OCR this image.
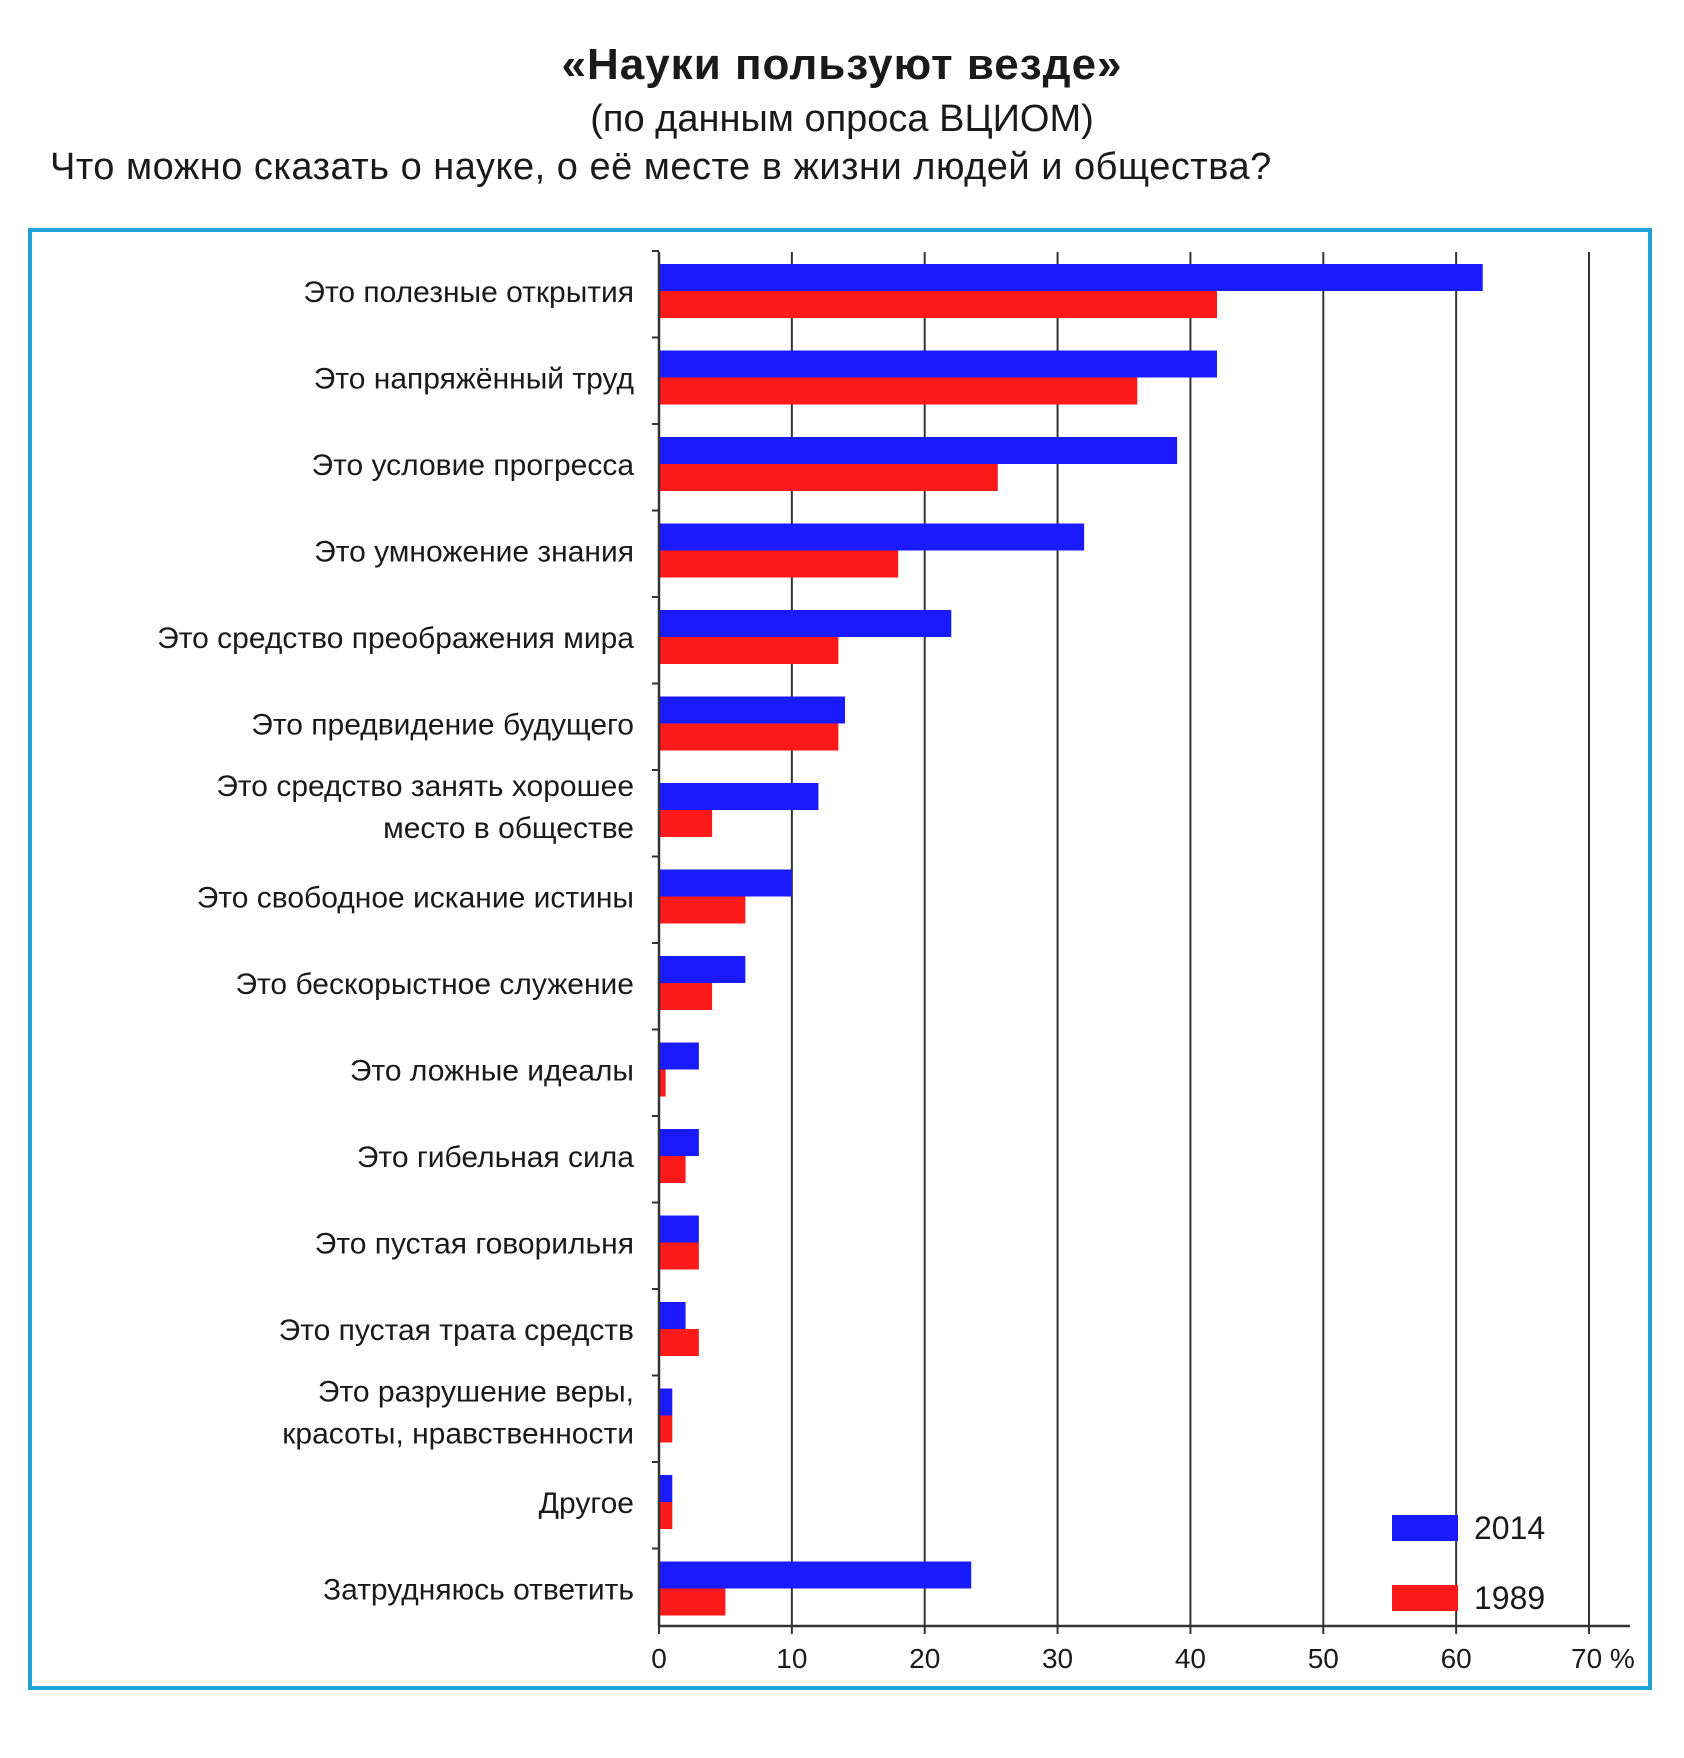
«Науки пользуют везде»
(по данным опроса ВЦИОМ)
Что можно сказать о науке, о её месте в жизни людей и общества?
Это полезные открытия
Это напряжённый труд
Это условие прогресса
Это умножение знания
Это средство преображения мира
Это предвидение будущего
Это средство занять хорошее
место в обществе
Это свободное искание истины
Это бескорыстное служение
Это ложные идеалы
Это гибельная сила
Это пустая говорильня
Это пустая трата средств
Это разрушение веры,
красоты, нравственности
Другое
Затрудняюсь ответить
0	10	20	30	40	50	60	70 %
2014
1989
